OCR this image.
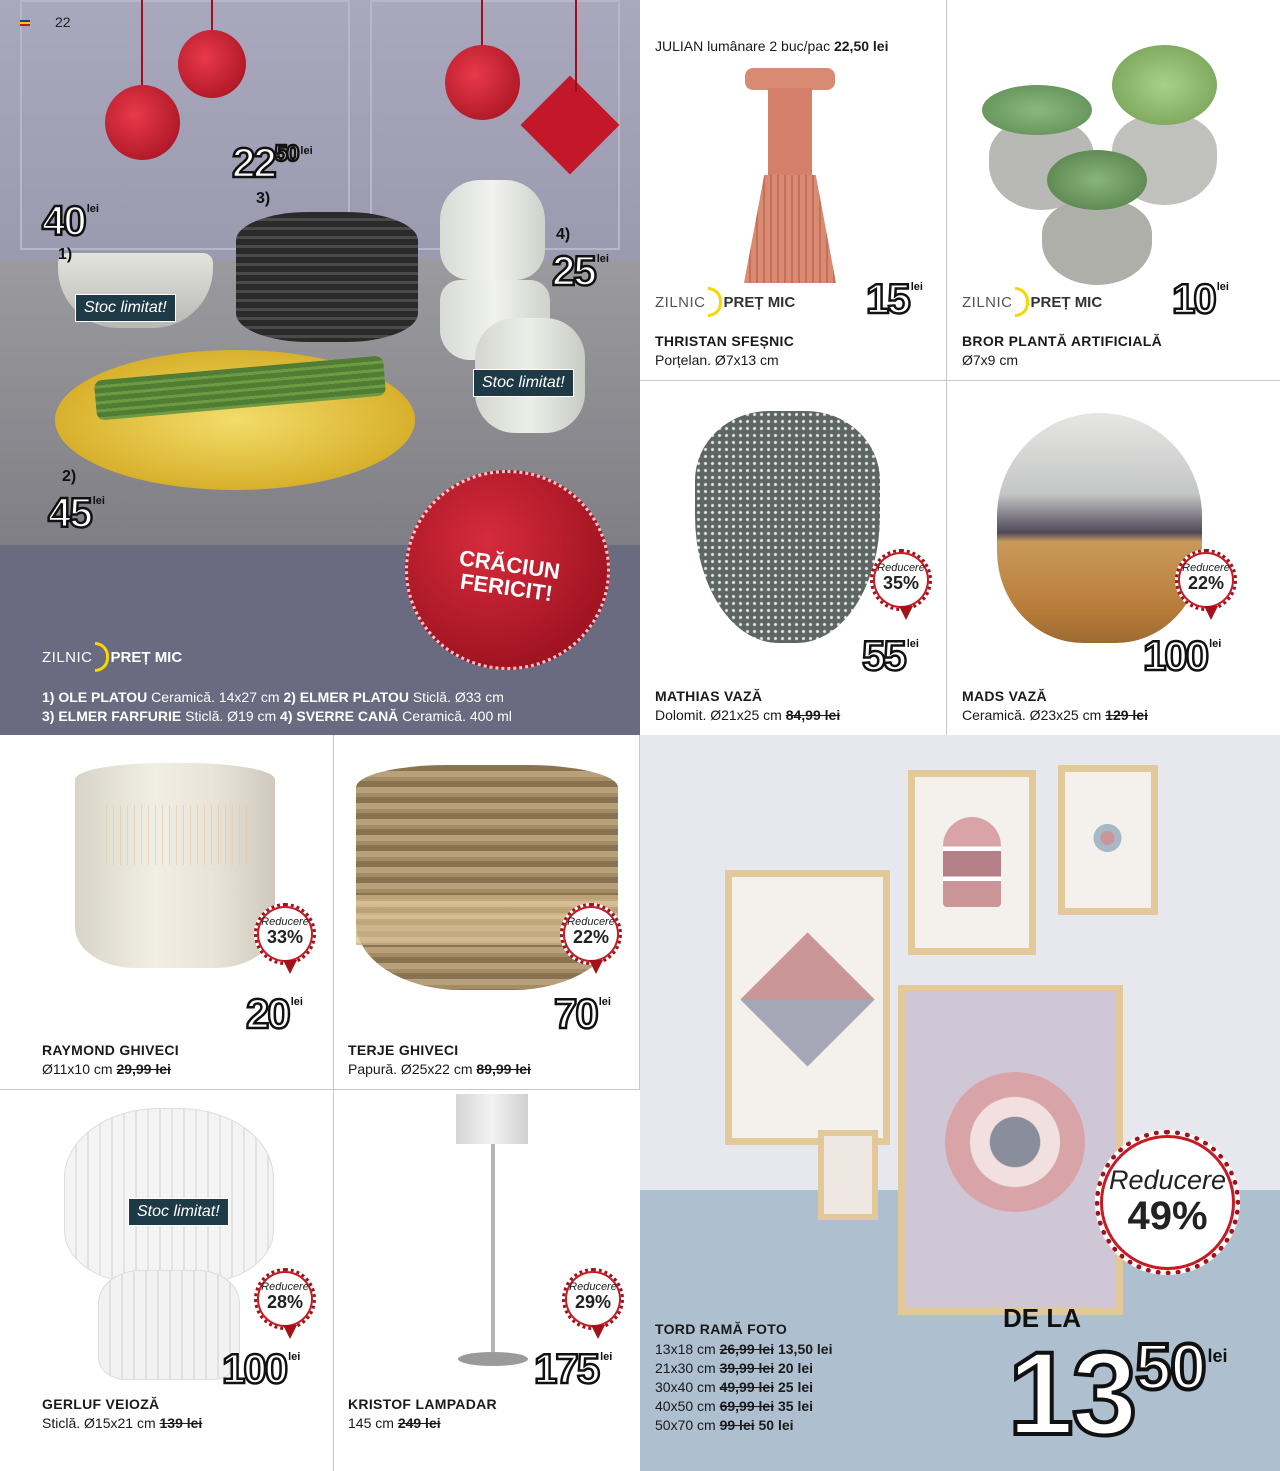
22
Stoc limitat!
Stoc limitat!
40 $^{lei}$
1)
45 $^{lei}$
2)
$22^{50}$ $^{lei}$
3)
25 $^{lei}$
4)
CRĂCIUN FERICIT!
ZILNIC PREȚ MIC
1) OLE PLATOU Ceramică. 14x27 cm 2) ELMER PLATOU Sticlă. Ø33 cm
3) ELMER FARFURIE Sticlă. Ø19 cm 4) SVERRE CANĂ Ceramică. 400 ml
JULIAN lumânare 2 buc/pac 22,50 lei
ZILNIC PREȚ MIC 15 $^{lei}$
THRISTAN SFEȘNIC
Porțelan. Ø7x13 cm
ZILNIC PREȚ MIC 10 $^{lei}$
BROR PLANTĂ ARTIFICIALĂ
Ø7x9 cm
Reducere
35%
55 $^{lei}$
MATHIAS VAZĂ
Dolomit. Ø21x25 cm 84,99 lei
Reducere
22%
100 $^{lei}$
MADS VAZĂ
Ceramică. Ø23x25 cm 129 lei
Reducere
33%
20 $^{lei}$
RAYMOND GHIVECI
Ø11x10 cm 29,99 lei
Reducere
22%
70 $^{lei}$
TERJE GHIVECI
Papură. Ø25x22 cm 89,99 lei
Stoc limitat!
Reducere
28%
100 $^{lei}$
GERLUF VEIOZĂ
Sticlă. Ø15x21 cm 139 lei
Reducere
29%
175 $^{lei}$
KRISTOF LAMPADAR
145 cm 249 lei
Reducere
49%
DE LA
$13^{50}$ $^{lei}$
TORD RAMĂ FOTO
13x18 cm 26,99 lei 13,50 lei
21x30 cm 39,99 lei 20 lei
30x40 cm 49,99 lei 25 lei
40x50 cm 69,99 lei 35 lei
50x70 cm 99 lei 50 lei
